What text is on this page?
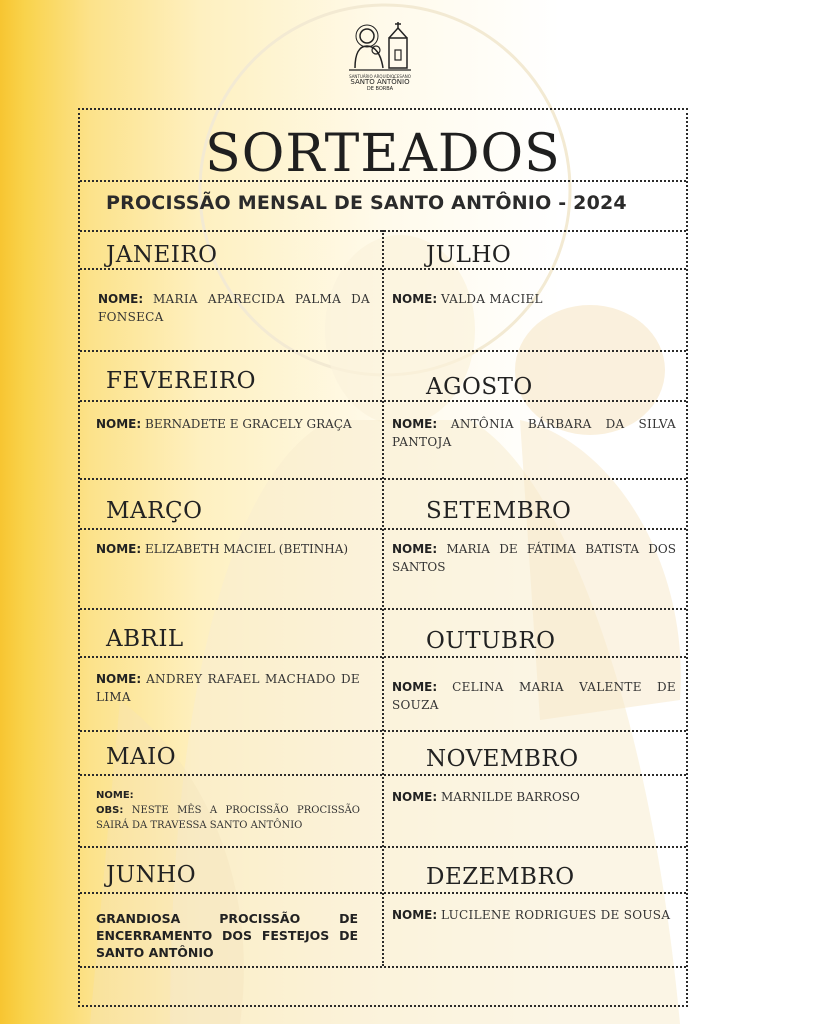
SANTUÁRIO ARQUIDIOCESANO
SANTO ANTÔNIO
DE BORBA
SORTEADOS
PROCISSÃO MENSAL DE SANTO ANTÔNIO - 2024
JANEIRO
NOME: MARIA APARECIDA PALMA DA FONSECA
FEVEREIRO
NOME: BERNADETE E GRACELY GRAÇA
MARÇO
NOME: ELIZABETH MACIEL (BETINHA)
ABRIL
NOME: ANDREY RAFAEL MACHADO DE LIMA
MAIO
NOME:
OBS: NESTE MÊS A PROCISSÃO PROCISSÃO SAIRÁ DA TRAVESSA SANTO ANTÔNIO
JUNHO
GRANDIOSA PROCISSÃO DE ENCERRAMENTO DOS FESTEJOS DE SANTO ANTÔNIO
JULHO
NOME: VALDA MACIEL
AGOSTO
NOME: ANTÔNIA BÁRBARA DA SILVA PANTOJA
SETEMBRO
NOME: MARIA DE FÁTIMA BATISTA DOS SANTOS
OUTUBRO
NOME: CELINA MARIA VALENTE DE SOUZA
NOVEMBRO
NOME: MARNILDE BARROSO
DEZEMBRO
NOME: LUCILENE RODRIGUES DE SOUSA
